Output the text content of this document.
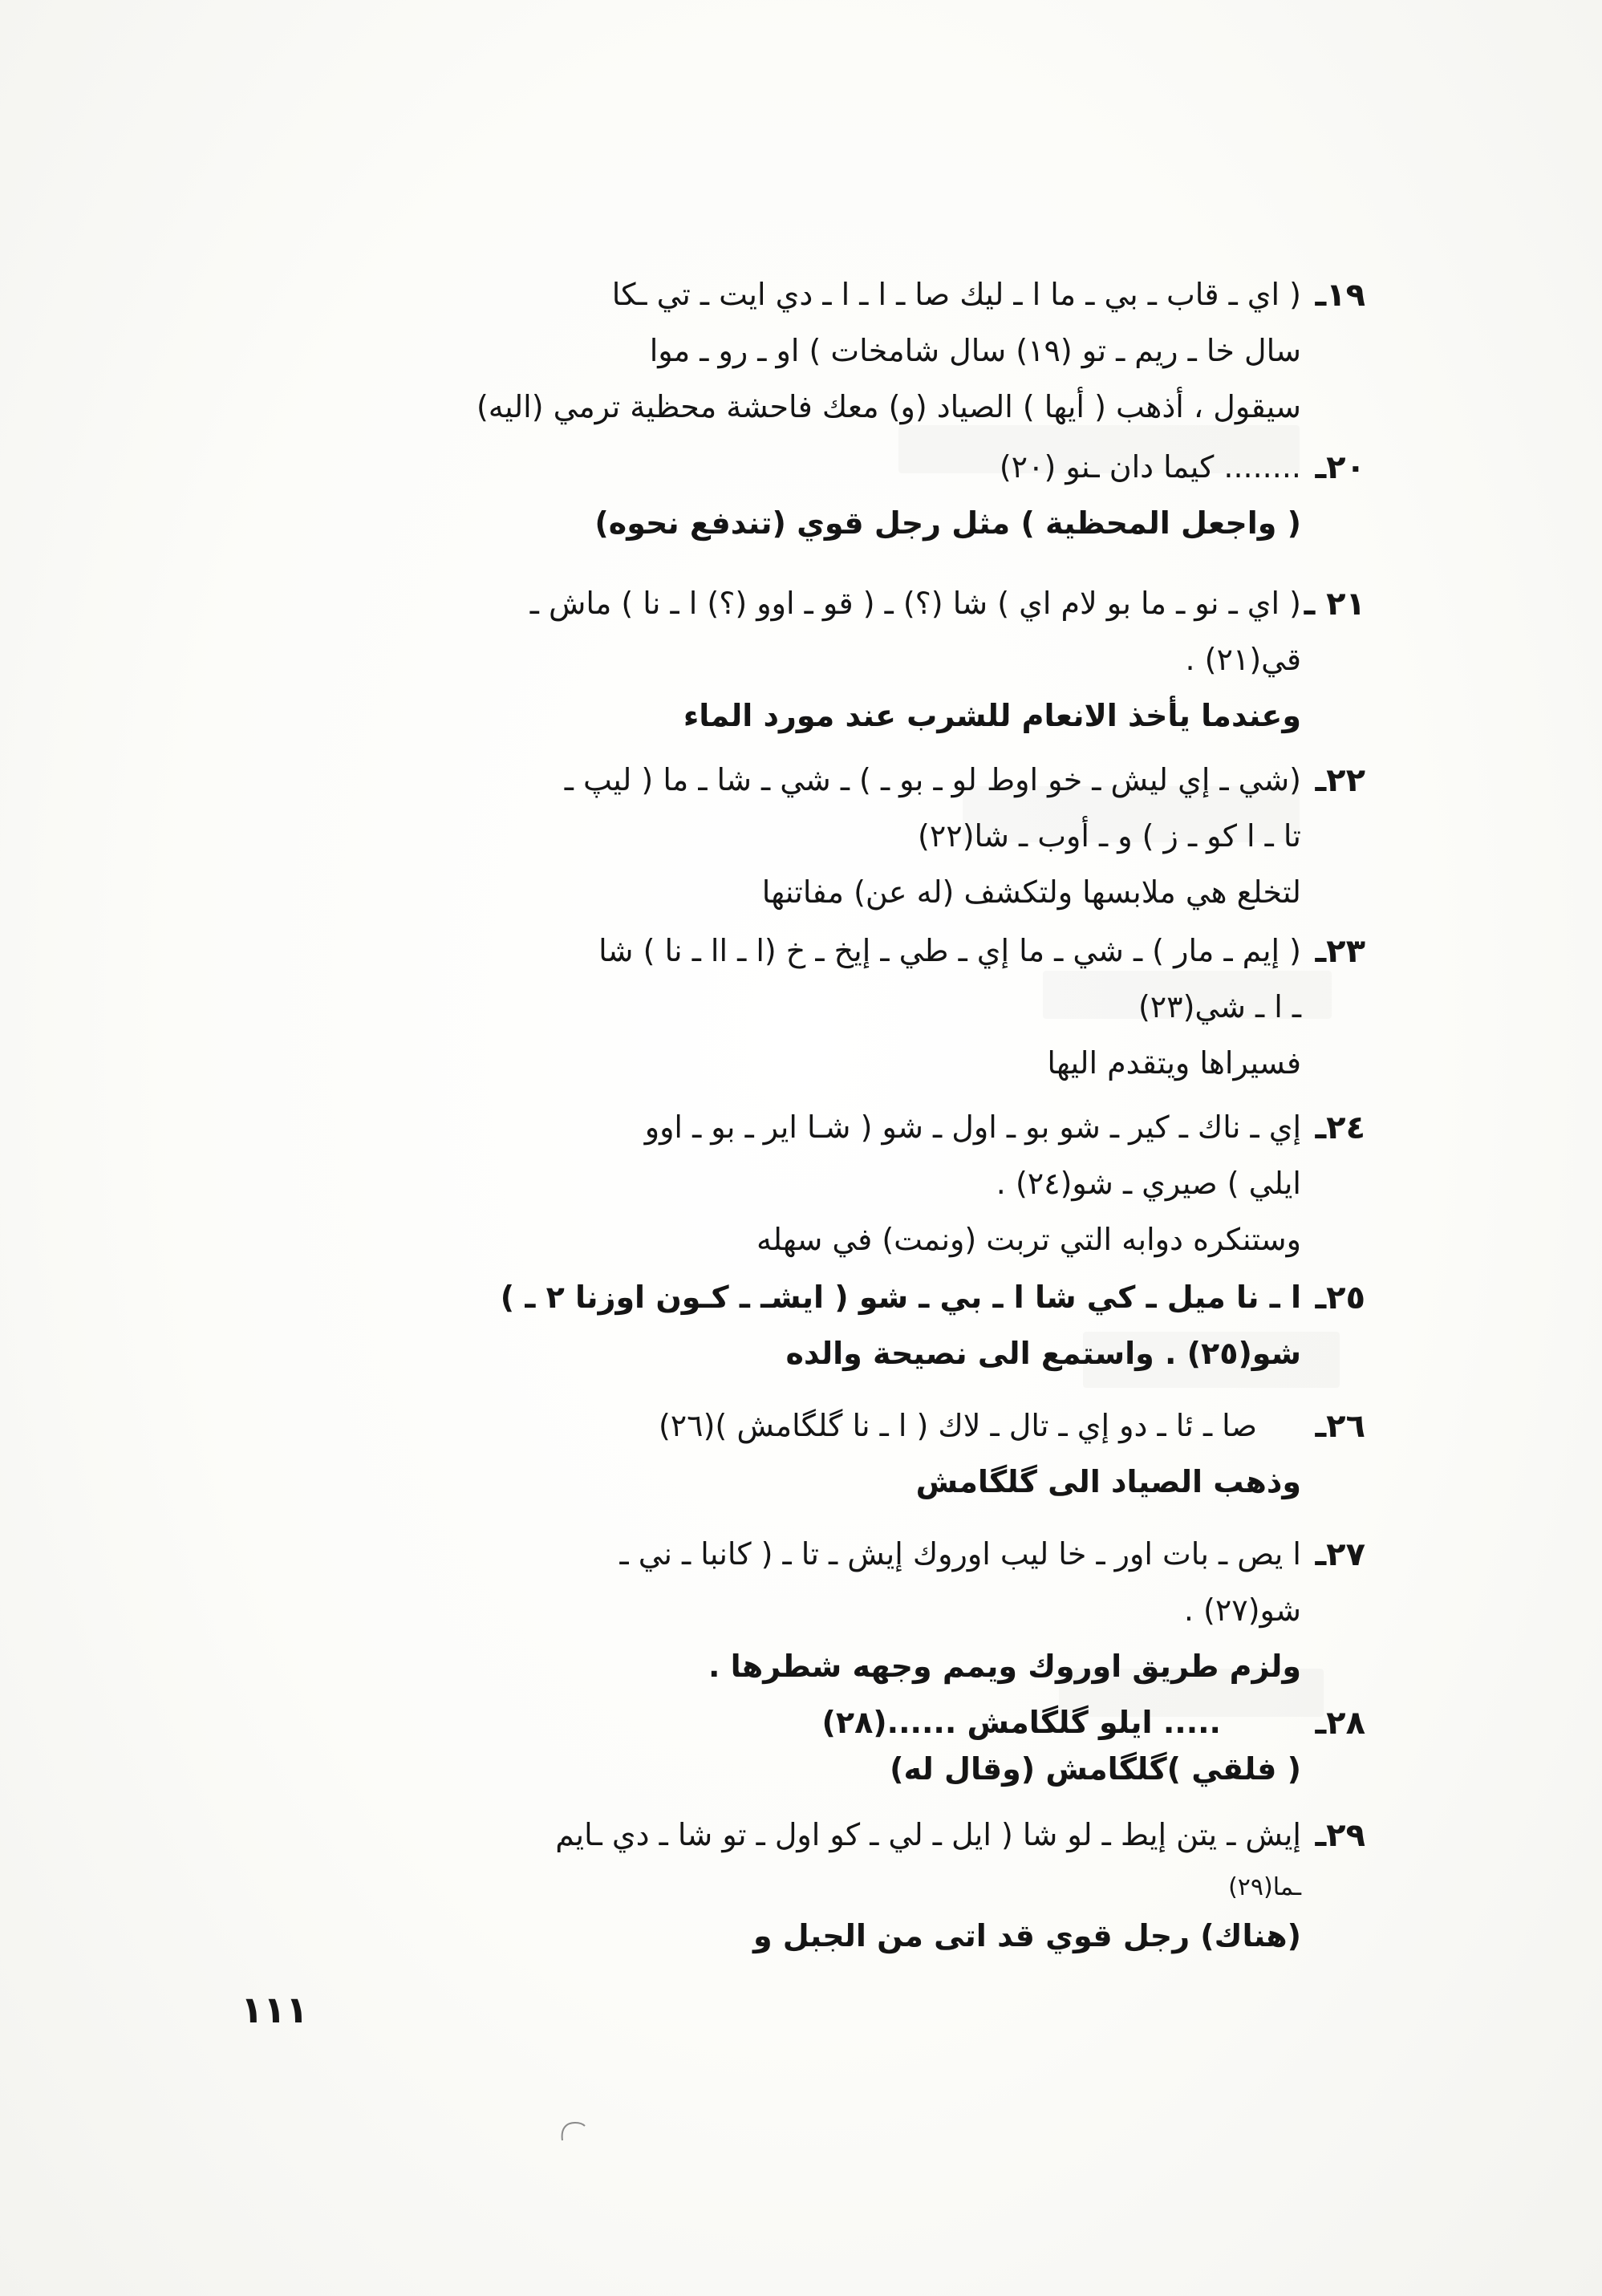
١٩ـ
( اي ـ قاب ـ بي ـ ما ا ـ ليك صا ـ ا ـ ا ـ دي ايت ـ تي ـكا
سال خا ـ ريم ـ تو (١٩) سال شامخات ) او ـ رو ـ موا
سيقول ، أذهب ( أيها ) الصياد (و) معك فاحشة محظية ترمي (اليه)
٢٠ـ
........ كيما دان ـنو (٢٠)
( واجعل المحظية ) مثل رجل قوي (تندفع نحوه)
٢١ ـ
( اي ـ نو ـ ما بو لام اي ) شا (؟) ـ ( قو ـ اوو (؟) ا ـ نا ) ماش ـ
قي(٢١) .
وعندما يأخذ الانعام للشرب عند مورد الماء
٢٢ـ
(شي ـ إي ليش ـ خو اوط لو ـ بو ـ ) ـ شي ـ شا ـ ما ( ليپ ـ
تا ـ ا كو ـ ز ) و ـ أوب ـ شا(٢٢)
لتخلع هي ملابسها ولتكشف (له عن) مفاتنها
٢٣ـ
( إيم ـ مار ) ـ شي ـ ما إي ـ طي ـ إيخ ـ خ (ا ـ اا ـ نا ) شا
ـ ا ـ شي(٢٣)
فسيراها ويتقدم اليها
٢٤ـ
إي ـ ناك ـ كير ـ شو بو ـ اول ـ شو ( شـا اير ـ بو ـ اوو
ايلي ) صيري ـ شو(٢٤) .
وستنكره دوابه التي تربت (ونمت) في سهله
٢٥ـ
ا ـ نا ميل ـ كي شا ا ـ بي ـ شو ( ايشـ ـ كـون اوزنا ٢ ـ )
شو(٢٥) . واستمع الى نصيحة والده
٢٦ـ
صا ـ ئا ـ دو إي ـ تال ـ لاك ( ا ـ نا گلگامش )(٢٦)
وذهب الصياد الى گلگامش
٢٧ـ
ا يص ـ بات اور ـ خا ليب اوروك إيش ـ تا ـ ( كانبا ـ ني ـ
شو(٢٧) .
ولزم طريق اوروك ويمم وجهه شطرها .
٢٨ـ
..... ايلو گلگامش ......(٢٨)
( فلقي )گلگامش (وقال له)
٢٩ـ
إيش ـ يتن إيط ـ لو شا ( ايل ـ لي ـ كو اول ـ تو شا ـ دي ـايم
ـما(٢٩)
(هناك) رجل قوي قد اتى من الجبل و
١١١
